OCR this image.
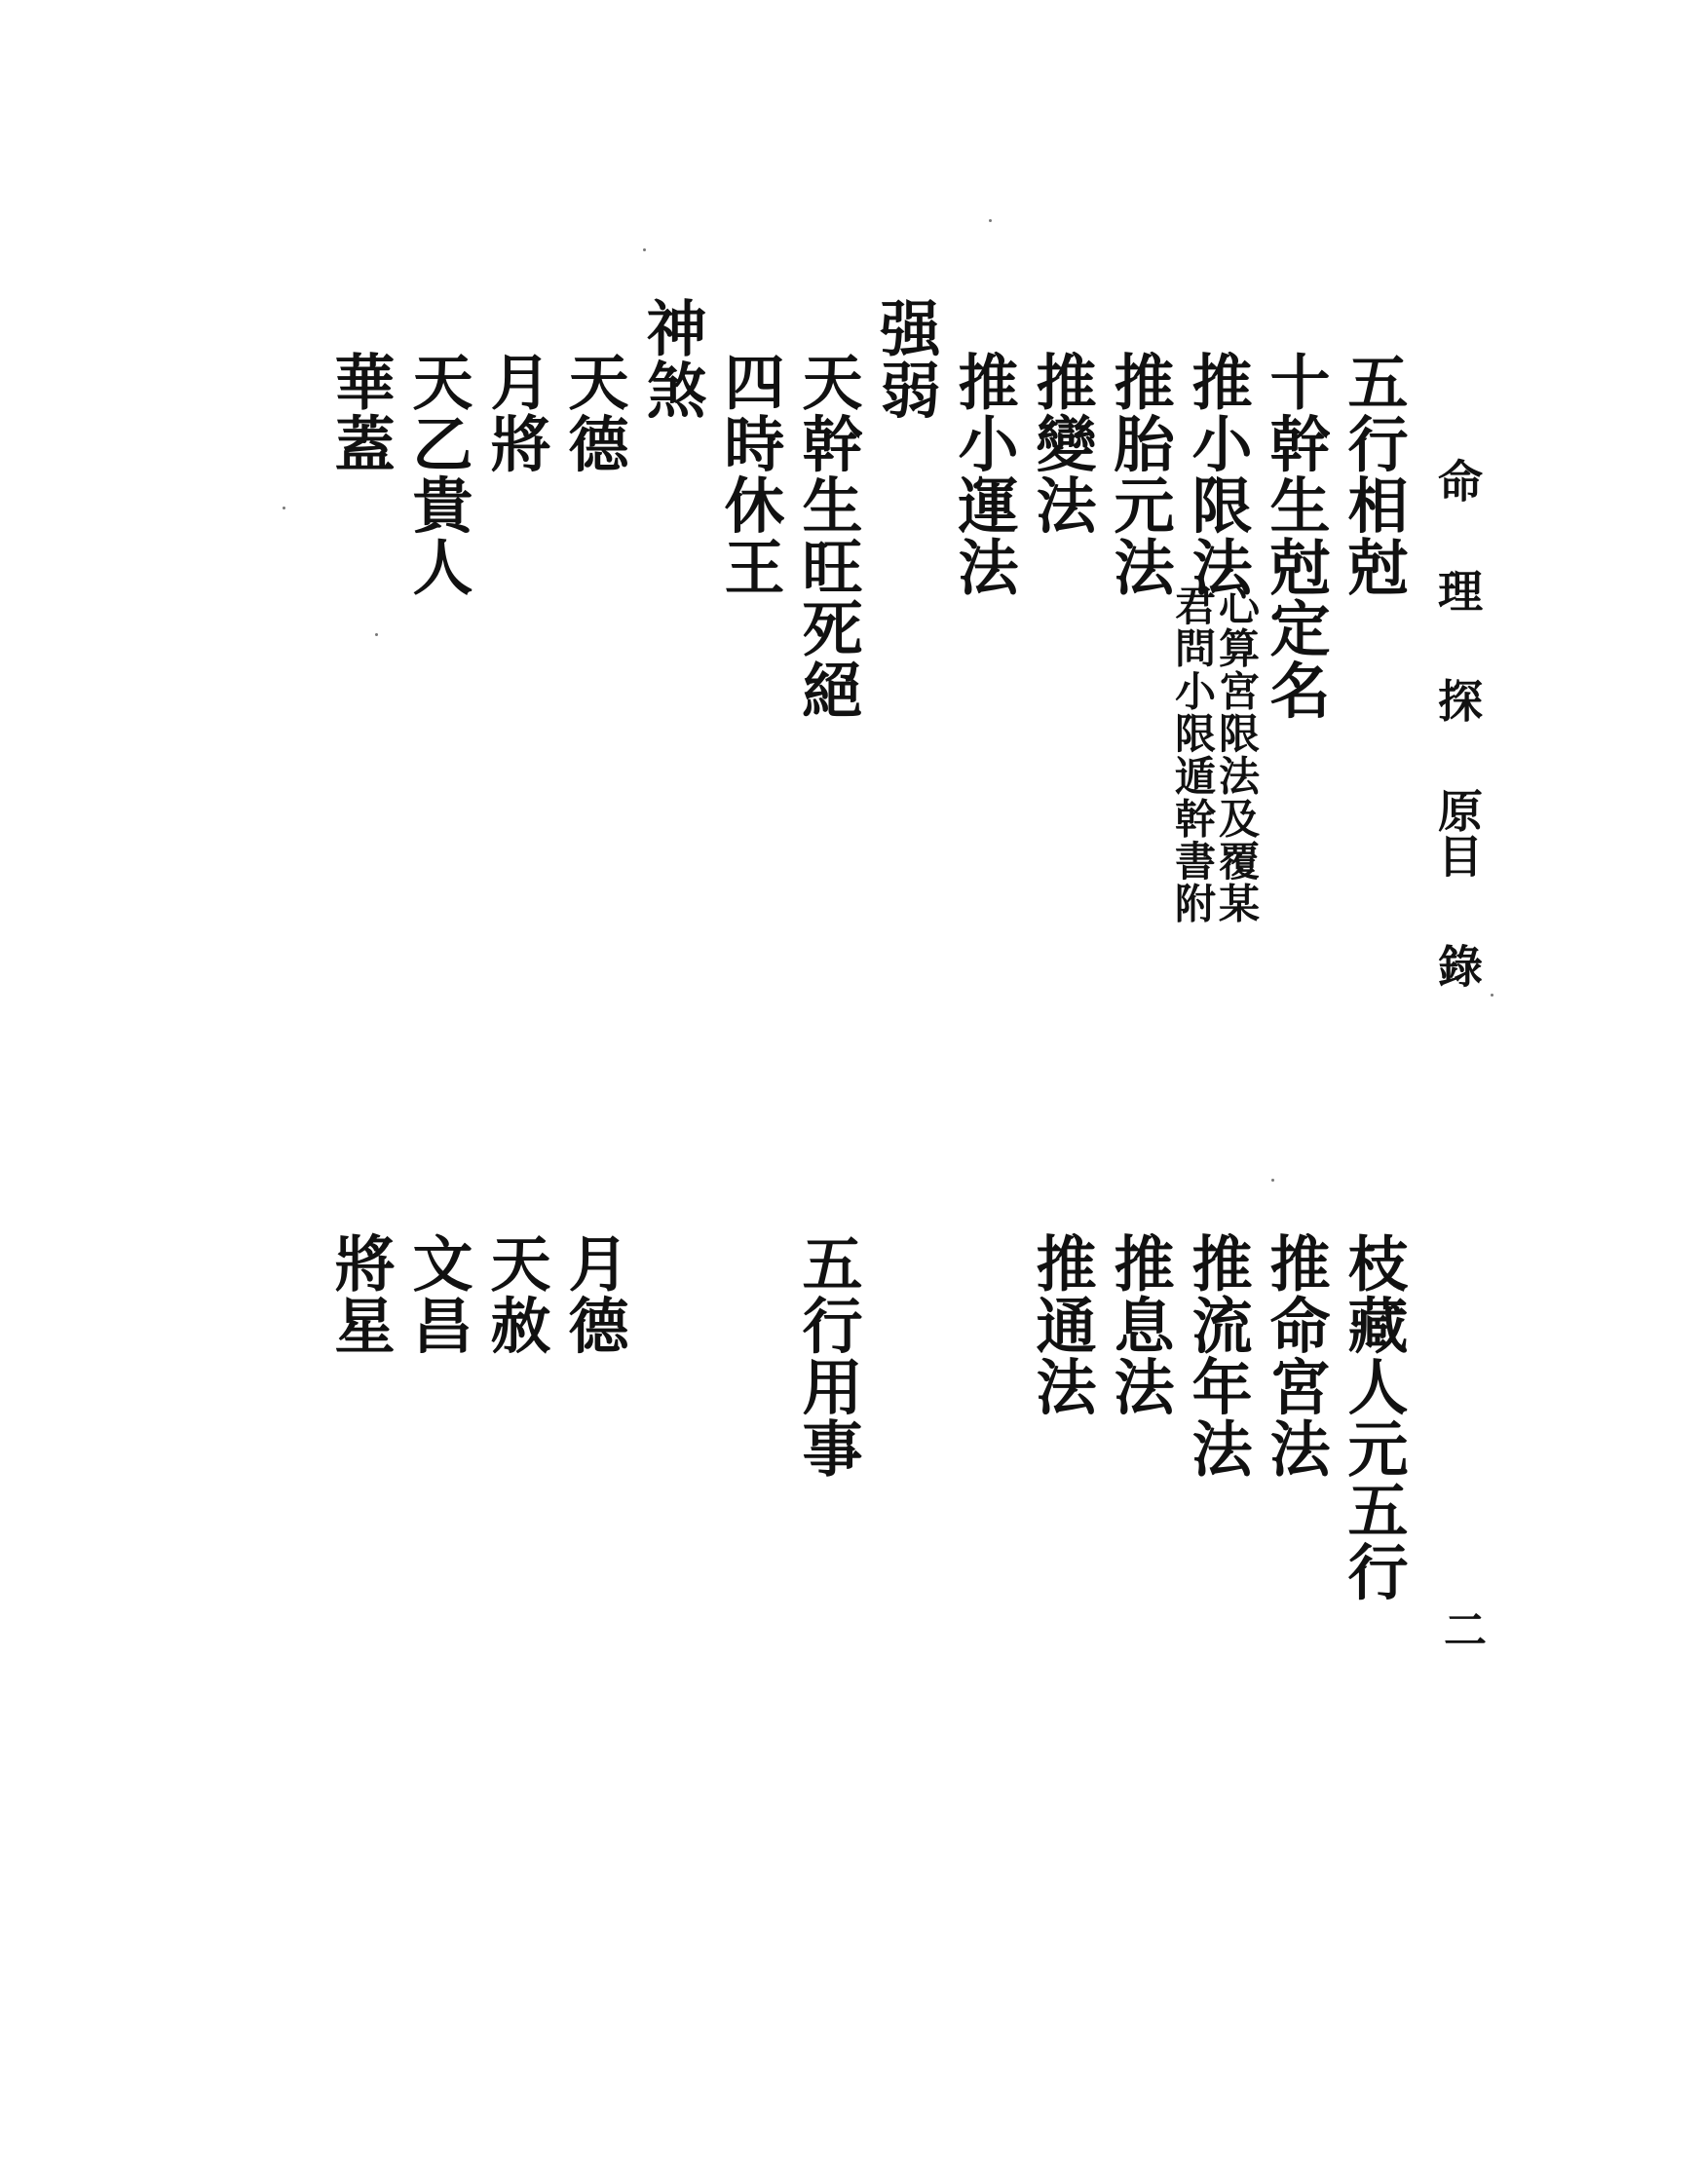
命 理 探 原
目 錄
二
五行相尅
十幹生尅定名
推小限法
心算宮限法及覆某
君問小限遁幹書附
推胎元法
推變法
推小運法
强弱
天幹生旺死絕
四時休王
神煞
天德
月將
天乙貴人
華蓋
枝藏人元五行
推命宮法
推流年法
推息法
推通法
五行用事
月德
天赦
文昌
將星
